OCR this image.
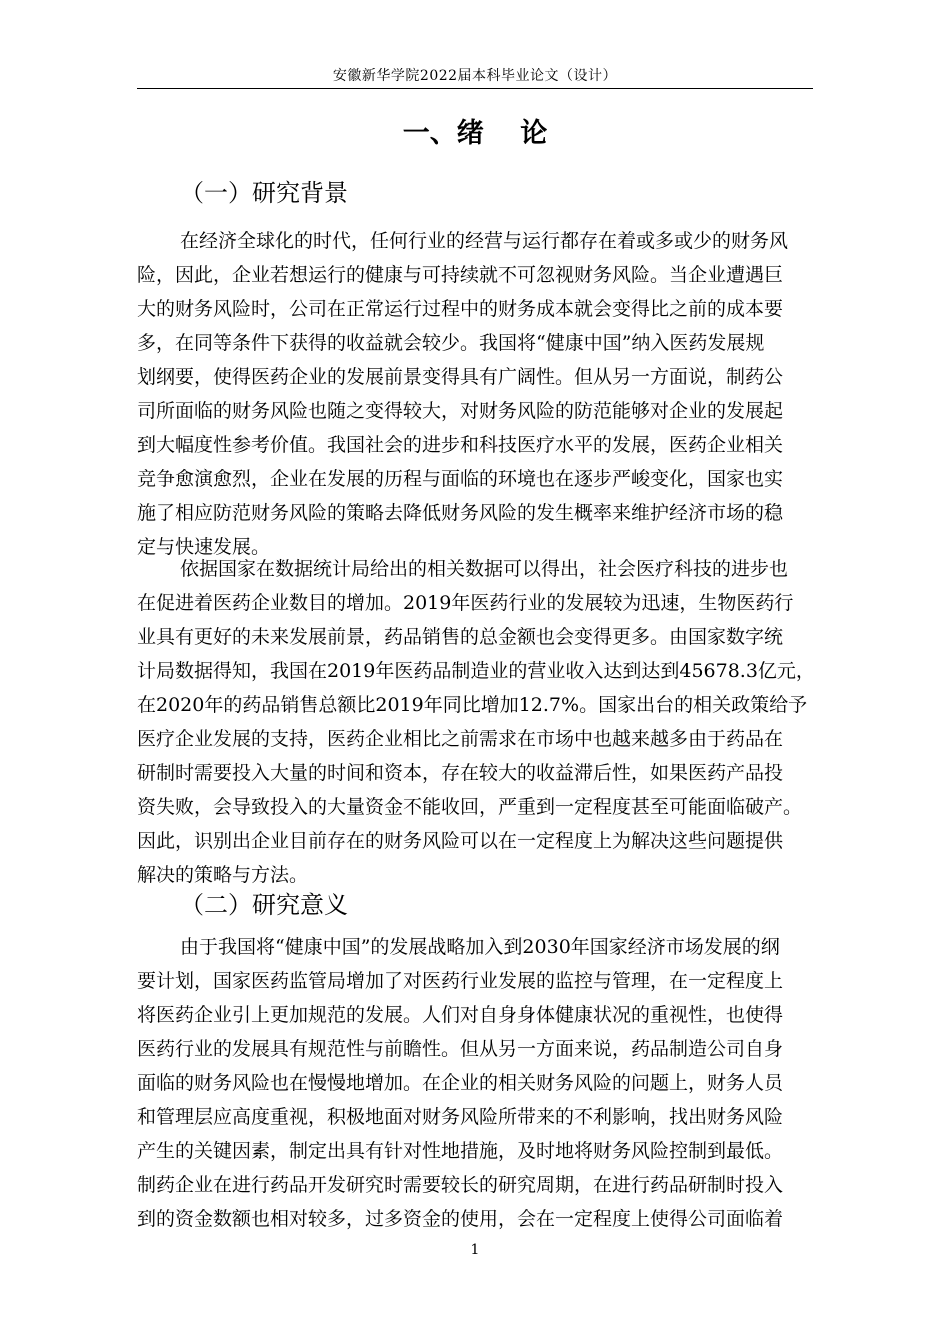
安徽新华学院2022届本科毕业论文（设计）
一、绪　 论
（一）研究背景
在经济全球化的时代，任何行业的经营与运行都存在着或多或少的财务风
险，因此，企业若想运行的健康与可持续就不可忽视财务风险。当企业遭遇巨
大的财务风险时，公司在正常运行过程中的财务成本就会变得比之前的成本要
多，在同等条件下获得的收益就会较少。我国将“健康中国”纳入医药发展规
划纲要，使得医药企业的发展前景变得具有广阔性。但从另一方面说，制药公
司所面临的财务风险也随之变得较大，对财务风险的防范能够对企业的发展起
到大幅度性参考价值。我国社会的进步和科技医疗水平的发展，医药企业相关
竞争愈演愈烈，企业在发展的历程与面临的环境也在逐步严峻变化，国家也实
施了相应防范财务风险的策略去降低财务风险的发生概率来维护经济市场的稳
定与快速发展。
依据国家在数据统计局给出的相关数据可以得出，社会医疗科技的进步也
在促进着医药企业数目的增加。2019年医药行业的发展较为迅速，生物医药行
业具有更好的未来发展前景，药品销售的总金额也会变得更多。由国家数字统
计局数据得知，我国在2019年医药品制造业的营业收入达到达到45678.3亿元，
在2020年的药品销售总额比2019年同比增加12.7%。国家出台的相关政策给予
医疗企业发展的支持，医药企业相比之前需求在市场中也越来越多由于药品在
研制时需要投入大量的时间和资本，存在较大的收益滞后性，如果医药产品投
资失败，会导致投入的大量资金不能收回，严重到一定程度甚至可能面临破产。
因此，识别出企业目前存在的财务风险可以在一定程度上为解决这些问题提供
解决的策略与方法。
（二）研究意义
由于我国将“健康中国”的发展战略加入到2030年国家经济市场发展的纲
要计划，国家医药监管局增加了对医药行业发展的监控与管理，在一定程度上
将医药企业引上更加规范的发展。人们对自身身体健康状况的重视性，也使得
医药行业的发展具有规范性与前瞻性。但从另一方面来说，药品制造公司自身
面临的财务风险也在慢慢地增加。在企业的相关财务风险的问题上，财务人员
和管理层应高度重视，积极地面对财务风险所带来的不利影响，找出财务风险
产生的关键因素，制定出具有针对性地措施，及时地将财务风险控制到最低。
制药企业在进行药品开发研究时需要较长的研究周期，在进行药品研制时投入
到的资金数额也相对较多，过多资金的使用，会在一定程度上使得公司面临着
1
